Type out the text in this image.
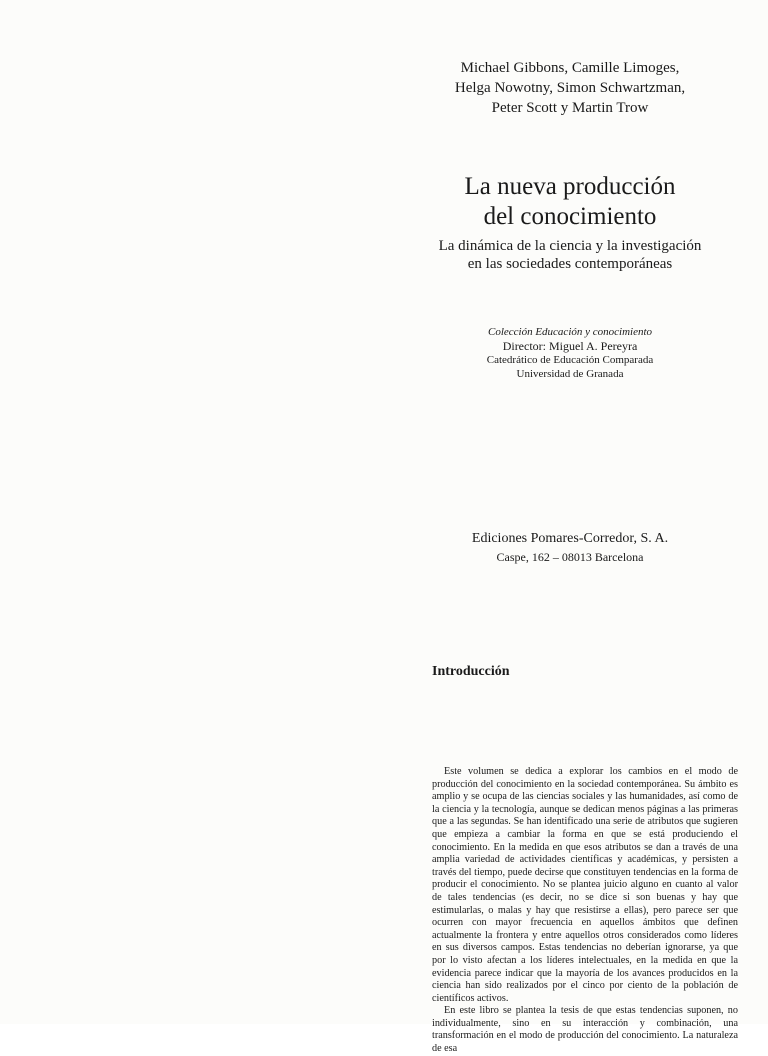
Michael Gibbons, Camille Limoges,
Helga Nowotny, Simon Schwartzman,
Peter Scott y Martin Trow
La nueva producción
del conocimiento
La dinámica de la ciencia y la investigación
en las sociedades contemporáneas
Colección Educación y conocimiento
Director: Miguel A. Pereyra
Catedrático de Educación Comparada
Universidad de Granada
Ediciones Pomares-Corredor, S. A.
Caspe, 162 – 08013 Barcelona
Introducción

Este volumen se dedica a explorar los cambios en el modo de producción del conocimiento en la sociedad contemporánea. Su ámbito es amplio y se ocupa de las ciencias sociales y las humanidades, así como de la ciencia y la tecnología, aunque se dedican menos páginas a las primeras que a las segundas. Se han identificado una serie de atributos que sugieren que empieza a cambiar la forma en que se está produciendo el conocimiento. En la medida en que esos atributos se dan a través de una amplia variedad de actividades científicas y académicas, y persisten a través del tiempo, puede decirse que constituyen tendencias en la forma de producir el conocimiento. No se plantea juicio alguno en cuanto al valor de tales tendencias (es decir, no se dice si son buenas y hay que estimularlas, o malas y hay que resistirse a ellas), pero parece ser que ocurren con mayor frecuencia en aquellos ámbitos que definen actualmente la frontera y entre aquellos otros considerados como líderes en sus diversos campos. Estas tendencias no deberían ignorarse, ya que por lo visto afectan a los líderes intelectuales, en la medida en que la evidencia parece indicar que la mayoría de los avances producidos en la ciencia han sido realizados por el cinco por ciento de la población de científicos activos.

En este libro se plantea la tesis de que estas tendencias suponen, no individualmente, sino en su interacción y combinación, una transformación en el modo de producción del conocimiento. La naturaleza de esa
